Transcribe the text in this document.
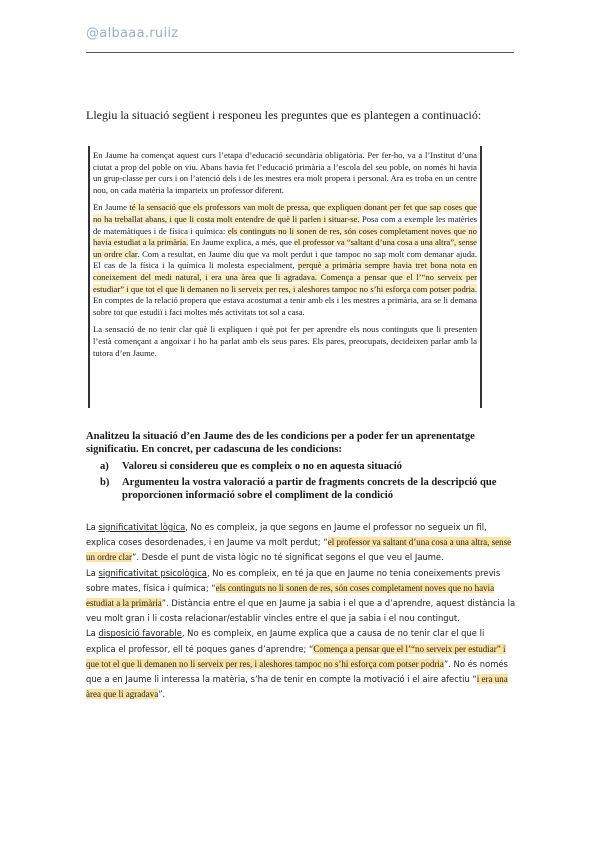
@albaaa.ruiiz
Llegiu la situació següent i responeu les preguntes que es plantegen a continuació:

En Jaume ha començat aquest curs l’etapa d’educació secundària obligatòria. Per fer-ho, va a l’Institut d’una ciutat a prop del poble on viu. Abans havia fet l’educació primària a l’escola del seu poble, on només hi havia un grup-classe per curs i on l’atenció dels i de les mestres era molt propera i personal. Ara es troba en un centre nou, on cada matèria la imparteix un professor diferent.

En Jaume té la sensació que els professors van molt de pressa, que expliquen donant per fet que sap coses que no ha treballat abans, i que li costa molt entendre de què li parlen i situar-se. Posa com a exemple les matèries de matemàtiques i de física i química: els continguts no li sonen de res, són coses completament noves que no havia estudiat a la primària. En Jaume explica, a més, que el professor va “saltant d’una cosa a una altra”, sense un ordre clar. Com a resultat, en Jaume diu que va molt perdut i que tampoc no sap molt com demanar ajuda. El cas de la física i la química li molesta especialment, perquè a primària sempre havia tret bona nota en coneixement del medi natural, i era una àrea que li agradava. Comença a pensar que el l’“no serveix per estudiar” i que tot el que li demanen no li serveix per res, i aleshores tampoc no s’hi esforça com potser podria. En comptes de la relació propera que estava acostumat a tenir amb els i les mestres a primària, ara se li demana sobre tot que estudiï i faci moltes més activitats tot sol a casa.

La sensació de no tenir clar què li expliquen i què pot fer per aprendre els nous continguts que li presenten l’està començant a angoixar i ho ha parlat amb els seus pares. Els pares, preocupats, decideixen parlar amb la tutora d’en Jaume.

Analitzeu la situació d’en Jaume des de les condicions per a poder fer un aprenentatge significatiu. En concret, per cadascuna de les condicions:

a)	Valoreu si considereu que es compleix o no en aquesta situació
b)	Argumenteu la vostra valoració a partir de fragments concrets de la descripció que proporcionen informació sobre el compliment de la condició

La significativitat lògica, No es compleix, ja que segons en Jaume el professor no segueix un fil, explica coses desordenades, i en Jaume va molt perdut; “el professor va saltant d’una cosa a una altra, sense un ordre clar”. Desde el punt de vista lògic no té significat segons el que veu el Jaume.

La significativitat psicològica, No es compleix, en té ja que en Jaume no tenia coneixements previs sobre mates, física i química; “els continguts no li sonen de res, són coses completament noves que no havia estudiat a la primària”. Distància entre el que en Jaume ja sabia i el que a d’aprendre, aquest distància la veu molt gran i li costa relacionar/establir vincles entre el que ja sabia i el nou contingut.

La disposició favorable, No es compleix, en Jaume explica que a causa de no tenir clar el que li explica el professor, ell té poques ganes d’aprendre; “Comença a pensar que el l’“no serveix per estudiar” i que tot el que li demanen no li serveix per res, i aleshores tampoc no s’hi esforça com potser podria”. No és només que a en Jaume li interessa la matèria, s’ha de tenir en compte la motivació i el aire afectiu “i era una àrea que li agradava”.
